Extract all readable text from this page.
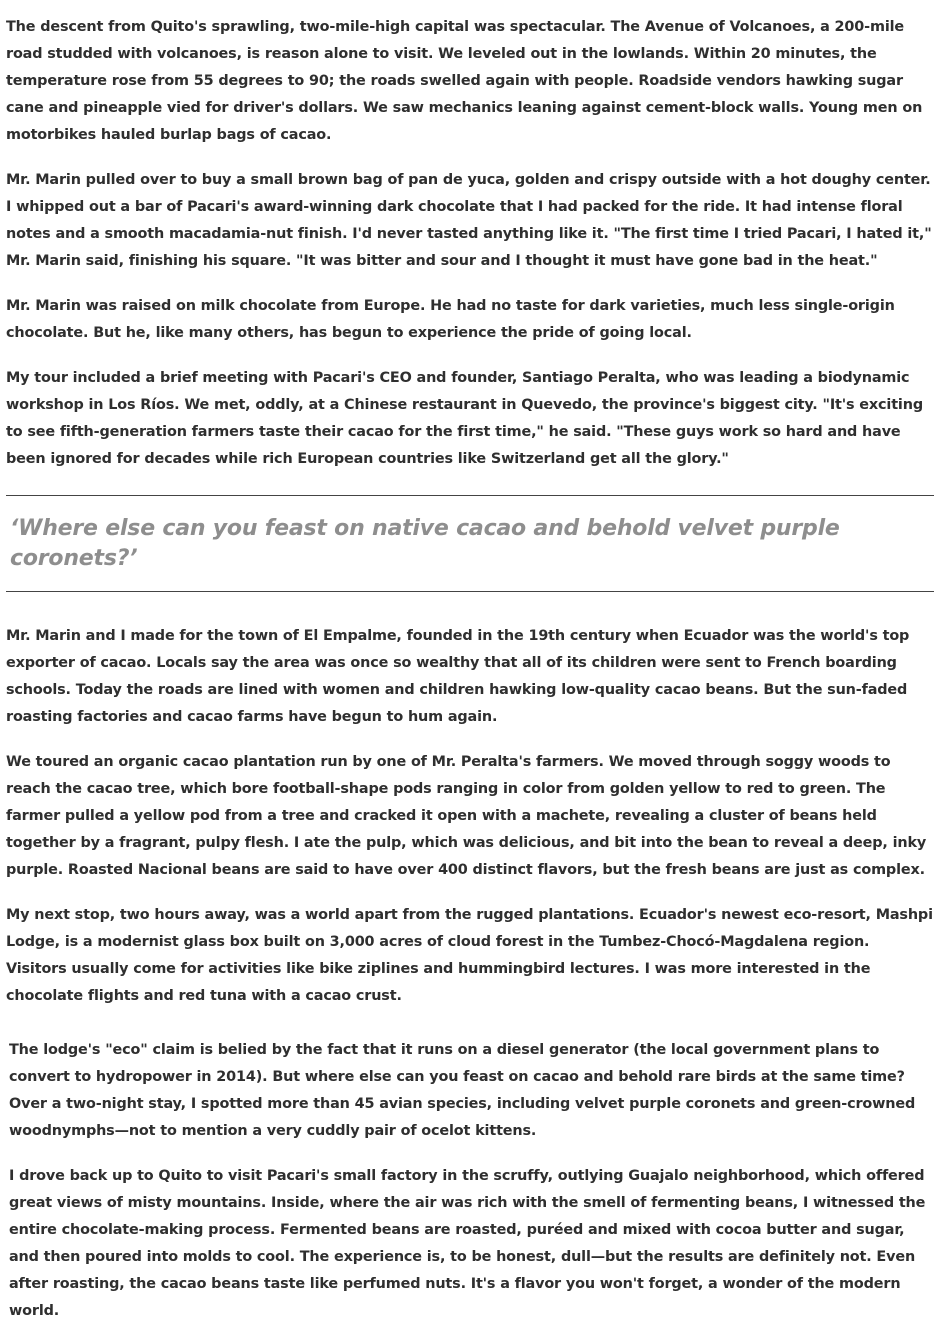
The descent from Quito's sprawling, two-mile-high capital was spectacular. The Avenue of Volcanoes, a 200-mile road studded with volcanoes, is reason alone to visit. We leveled out in the lowlands. Within 20 minutes, the temperature rose from 55 degrees to 90; the roads swelled again with people. Roadside vendors hawking sugar cane and pineapple vied for driver's dollars. We saw mechanics leaning against cement-block walls. Young men on motorbikes hauled burlap bags of cacao.

Mr. Marin pulled over to buy a small brown bag of pan de yuca, golden and crispy outside with a hot doughy center. I whipped out a bar of Pacari's award-winning dark chocolate that I had packed for the ride. It had intense floral notes and a smooth macadamia-nut finish. I'd never tasted anything like it. "The first time I tried Pacari, I hated it," Mr. Marin said, finishing his square. "It was bitter and sour and I thought it must have gone bad in the heat."

Mr. Marin was raised on milk chocolate from Europe. He had no taste for dark varieties, much less single-origin chocolate. But he, like many others, has begun to experience the pride of going local.

My tour included a brief meeting with Pacari's CEO and founder, Santiago Peralta, who was leading a biodynamic workshop in Los Ríos. We met, oddly, at a Chinese restaurant in Quevedo, the province's biggest city. "It's exciting to see fifth-generation farmers taste their cacao for the first time," he said. "These guys work so hard and have been ignored for decades while rich European countries like Switzerland get all the glory."

‘Where else can you feast on native cacao and behold velvet purple coronets?’

Mr. Marin and I made for the town of El Empalme, founded in the 19th century when Ecuador was the world's top exporter of cacao. Locals say the area was once so wealthy that all of its children were sent to French boarding schools. Today the roads are lined with women and children hawking low-quality cacao beans. But the sun-faded roasting factories and cacao farms have begun to hum again.

We toured an organic cacao plantation run by one of Mr. Peralta's farmers. We moved through soggy woods to reach the cacao tree, which bore football-shape pods ranging in color from golden yellow to red to green. The farmer pulled a yellow pod from a tree and cracked it open with a machete, revealing a cluster of beans held together by a fragrant, pulpy flesh. I ate the pulp, which was delicious, and bit into the bean to reveal a deep, inky purple. Roasted Nacional beans are said to have over 400 distinct flavors, but the fresh beans are just as complex.

My next stop, two hours away, was a world apart from the rugged plantations. Ecuador's newest eco-resort, Mashpi Lodge, is a modernist glass box built on 3,000 acres of cloud forest in the Tumbez-Chocó-Magdalena region. Visitors usually come for activities like bike ziplines and hummingbird lectures. I was more interested in the chocolate flights and red tuna with a cacao crust.

The lodge's "eco" claim is belied by the fact that it runs on a diesel generator (the local government plans to convert to hydropower in 2014). But where else can you feast on cacao and behold rare birds at the same time? Over a two-night stay, I spotted more than 45 avian species, including velvet purple coronets and green-crowned woodnymphs—not to mention a very cuddly pair of ocelot kittens.

I drove back up to Quito to visit Pacari's small factory in the scruffy, outlying Guajalo neighborhood, which offered great views of misty mountains. Inside, where the air was rich with the smell of fermenting beans, I witnessed the entire chocolate-making process. Fermented beans are roasted, puréed and mixed with cocoa butter and sugar, and then poured into molds to cool. The experience is, to be honest, dull—but the results are definitely not. Even after roasting, the cacao beans taste like perfumed nuts. It's a flavor you won't forget, a wonder of the modern world.
